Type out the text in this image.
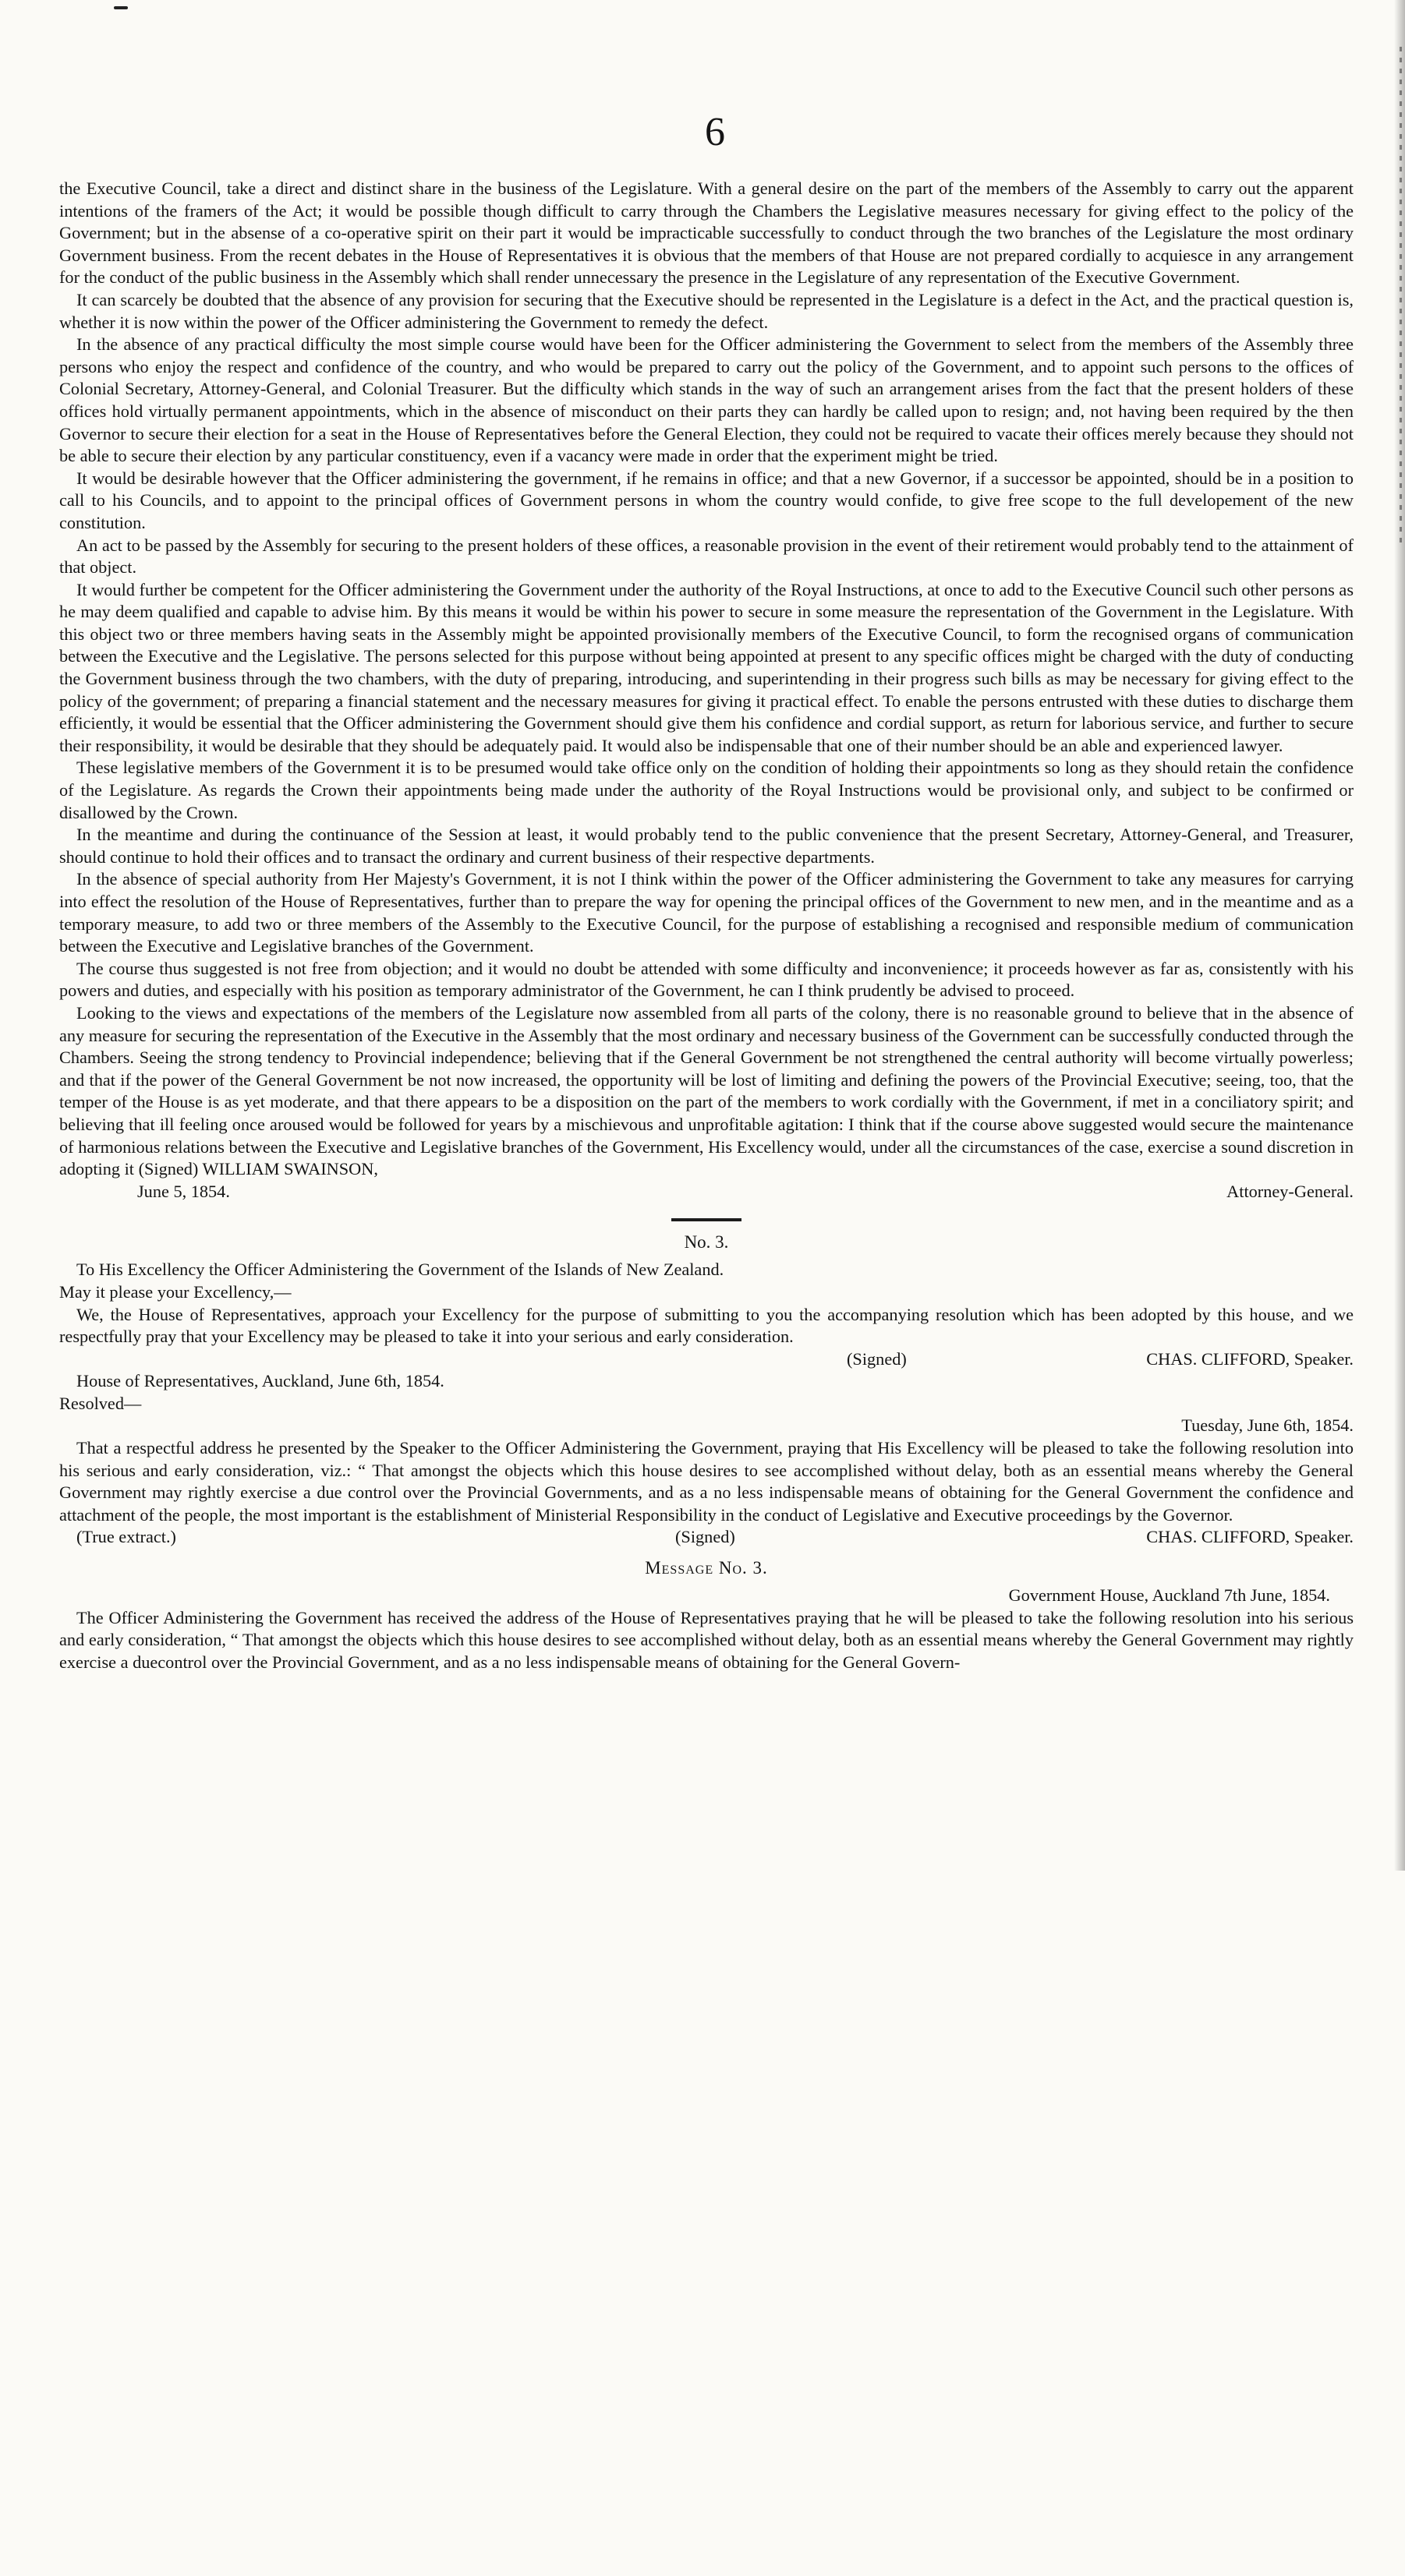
6

the Executive Council, take a direct and distinct share in the business of the Legislature. With a general desire on the part of the members of the Assembly to carry out the apparent intentions of the framers of the Act; it would be possible though difficult to carry through the Chambers the Legislative measures necessary for giving effect to the policy of the Government; but in the absense of a co-operative spirit on their part it would be impracticable successfully to conduct through the two branches of the Legislature the most ordinary Government business. From the recent debates in the House of Representatives it is obvious that the members of that House are not prepared cordially to acquiesce in any arrangement for the conduct of the public business in the Assembly which shall render unnecessary the presence in the Legislature of any representation of the Executive Government.

It can scarcely be doubted that the absence of any provision for securing that the Executive should be represented in the Legislature is a defect in the Act, and the practical question is, whether it is now within the power of the Officer administering the Government to remedy the defect.

In the absence of any practical difficulty the most simple course would have been for the Officer administering the Government to select from the members of the Assembly three persons who enjoy the respect and confidence of the country, and who would be prepared to carry out the policy of the Government, and to appoint such persons to the offices of Colonial Secretary, Attorney-General, and Colonial Treasurer. But the difficulty which stands in the way of such an arrangement arises from the fact that the present holders of these offices hold virtually permanent appointments, which in the absence of misconduct on their parts they can hardly be called upon to resign; and, not having been required by the then Governor to secure their election for a seat in the House of Representatives before the General Election, they could not be required to vacate their offices merely because they should not be able to secure their election by any particular constituency, even if a vacancy were made in order that the experiment might be tried.

It would be desirable however that the Officer administering the government, if he remains in office; and that a new Governor, if a successor be appointed, should be in a position to call to his Councils, and to appoint to the principal offices of Government persons in whom the country would confide, to give free scope to the full developement of the new constitution.

An act to be passed by the Assembly for securing to the present holders of these offices, a reasonable provision in the event of their retirement would probably tend to the attainment of that object.

It would further be competent for the Officer administering the Government under the authority of the Royal Instructions, at once to add to the Executive Council such other persons as he may deem qualified and capable to advise him. By this means it would be within his power to secure in some measure the representation of the Government in the Legislature. With this object two or three members having seats in the Assembly might be appointed provisionally members of the Executive Council, to form the recognised organs of communication between the Executive and the Legislative. The persons selected for this purpose without being appointed at present to any specific offices might be charged with the duty of conducting the Government business through the two chambers, with the duty of preparing, introducing, and superintending in their progress such bills as may be necessary for giving effect to the policy of the government; of preparing a financial statement and the necessary measures for giving it practical effect. To enable the persons entrusted with these duties to discharge them efficiently, it would be essential that the Officer administering the Government should give them his confidence and cordial support, as return for laborious service, and further to secure their responsibility, it would be desirable that they should be adequately paid. It would also be indispensable that one of their number should be an able and experienced lawyer.

These legislative members of the Government it is to be presumed would take office only on the condition of holding their appointments so long as they should retain the confidence of the Legislature. As regards the Crown their appointments being made under the authority of the Royal Instructions would be provisional only, and subject to be confirmed or disallowed by the Crown.

In the meantime and during the continuance of the Session at least, it would probably tend to the public convenience that the present Secretary, Attorney-General, and Treasurer, should continue to hold their offices and to transact the ordinary and current business of their respective departments.

In the absence of special authority from Her Majesty's Government, it is not I think within the power of the Officer administering the Government to take any measures for carrying into effect the resolution of the House of Representatives, further than to prepare the way for opening the principal offices of the Government to new men, and in the meantime and as a temporary measure, to add two or three members of the Assembly to the Executive Council, for the purpose of establishing a recognised and responsible medium of communication between the Executive and Legislative branches of the Government.

The course thus suggested is not free from objection; and it would no doubt be attended with some difficulty and inconvenience; it proceeds however as far as, consistently with his powers and duties, and especially with his position as temporary administrator of the Government, he can I think prudently be advised to proceed.

Looking to the views and expectations of the members of the Legislature now assembled from all parts of the colony, there is no reasonable ground to believe that in the absence of any measure for securing the representation of the Executive in the Assembly that the most ordinary and necessary business of the Government can be successfully conducted through the Chambers. Seeing the strong tendency to Provincial independence; believing that if the General Government be not strengthened the central authority will become virtually powerless; and that if the power of the General Government be not now increased, the opportunity will be lost of limiting and defining the powers of the Provincial Executive; seeing, too, that the temper of the House is as yet moderate, and that there appears to be a disposition on the part of the members to work cordially with the Government, if met in a conciliatory spirit; and believing that ill feeling once aroused would be followed for years by a mischievous and unprofitable agitation: I think that if the course above suggested would secure the maintenance of harmonious relations between the Executive and Legislative branches of the Government, His Excellency would, under all the circumstances of the case, exercise a sound discretion in adopting it (Signed) WILLIAM SWAINSON,

June 5, 1854.	Attorney-General.
No. 3.

To His Excellency the Officer Administering the Government of the Islands of New Zealand.

May it please your Excellency,—

We, the House of Representatives, approach your Excellency for the purpose of submitting to you the accompanying resolution which has been adopted by this house, and we respectfully pray that your Excellency may be pleased to take it into your serious and early consideration.

(Signed)	CHAS. CLIFFORD, Speaker.
House of Representatives, Auckland, June 6th, 1854.
Resolved—
Tuesday, June 6th, 1854.

That a respectful address he presented by the Speaker to the Officer Administering the Government, praying that His Excellency will be pleased to take the following resolution into his serious and early consideration, viz.: “ That amongst the objects which this house desires to see accomplished without delay, both as an essential means whereby the General Government may rightly exercise a due control over the Provincial Governments, and as a no less indispensable means of obtaining for the General Government the confidence and attachment of the people, the most important is the establishment of Ministerial Responsibility in the conduct of Legislative and Executive proceedings by the Governor.

(True extract.)	(Signed)	CHAS. CLIFFORD, Speaker.
Message No. 3.
Government House, Auckland 7th June, 1854.

The Officer Administering the Government has received the address of the House of Representatives praying that he will be pleased to take the following resolution into his serious and early consideration, “ That amongst the objects which this house desires to see accomplished without delay, both as an essential means whereby the General Government may rightly exercise a duecontrol over the Provincial Government, and as a no less indispensable means of obtaining for the General Govern-
